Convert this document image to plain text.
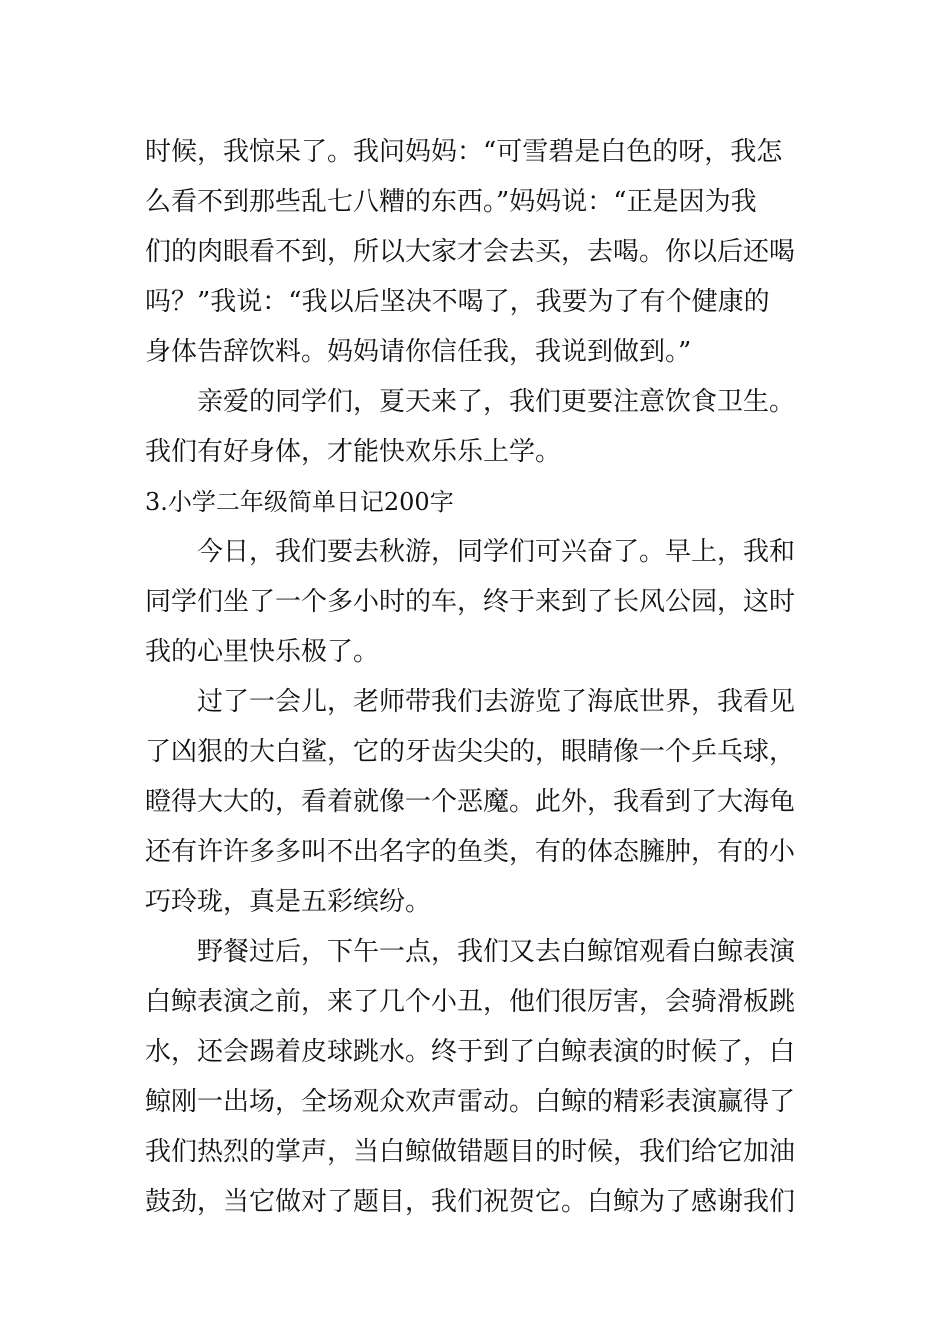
时候，我惊呆了。我问妈妈：“可雪碧是白色的呀，我怎
么看不到那些乱七八糟的东西。”妈妈说：“正是因为我
们的肉眼看不到，所以大家才会去买，去喝。你以后还喝
吗？”我说：“我以后坚决不喝了，我要为了有个健康的
身体告辞饮料。妈妈请你信任我，我说到做到。”
亲爱的同学们，夏天来了，我们更要注意饮食卫生。
我们有好身体，才能快欢乐乐上学。
3.小学二年级简单日记200字
今日，我们要去秋游，同学们可兴奋了。早上，我和
同学们坐了一个多小时的车，终于来到了长风公园，这时
我的心里快乐极了。
过了一会儿，老师带我们去游览了海底世界，我看见
了凶狠的大白鲨，它的牙齿尖尖的，眼睛像一个乒乓球，
瞪得大大的，看着就像一个恶魔。此外，我看到了大海龟
还有许许多多叫不出名字的鱼类，有的体态臃肿，有的小
巧玲珑，真是五彩缤纷。
野餐过后，下午一点，我们又去白鲸馆观看白鲸表演
白鲸表演之前，来了几个小丑，他们很厉害，会骑滑板跳
水，还会踢着皮球跳水。终于到了白鲸表演的时候了，白
鲸刚一出场，全场观众欢声雷动。白鲸的精彩表演赢得了
我们热烈的掌声，当白鲸做错题目的时候，我们给它加油
鼓劲，当它做对了题目，我们祝贺它。白鲸为了感谢我们
